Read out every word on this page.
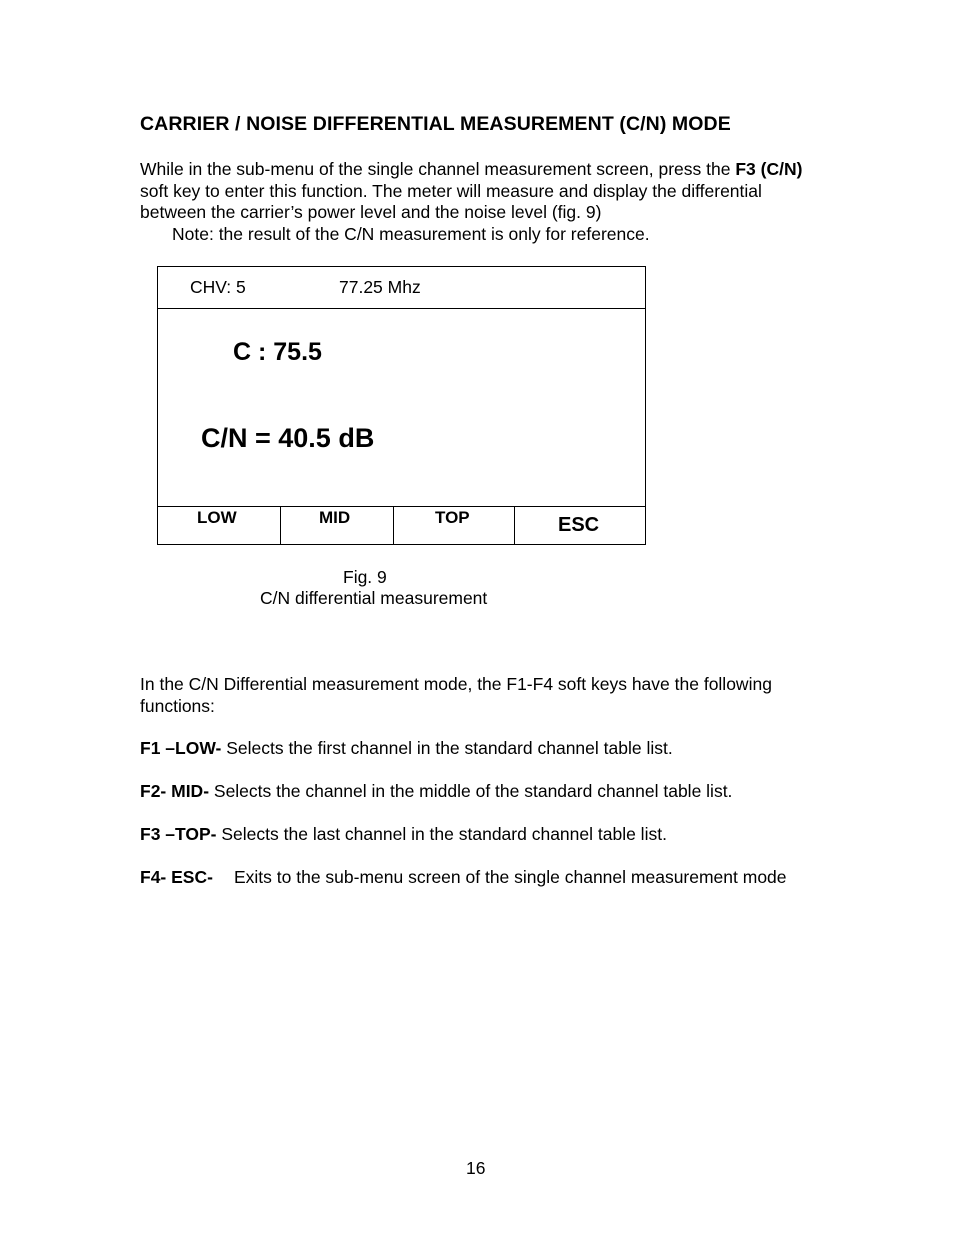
CARRIER / NOISE DIFFERENTIAL MEASUREMENT (C/N) MODE
While in the sub-menu of the single channel measurement screen, press the F3 (C/N) soft key to enter this function. The meter will measure and display the differential between the carrier’s power level and the noise level (fig. 9)
Note: the result of the C/N measurement is only for reference.
CHV: 5	77.25 Mhz
C : 75.5
C/N = 40.5 dB
LOW	MID	TOP	ESC
Fig. 9
C/N differential measurement
In the C/N Differential measurement mode, the F1-F4 soft keys have the following functions:
F1 –LOW- Selects the first channel in the standard channel table list.
F2- MID- Selects the channel in the middle of the standard channel table list.
F3 –TOP- Selects the last channel in the standard channel table list.
F4- ESC- Exits to the sub-menu screen of the single channel measurement mode
16
